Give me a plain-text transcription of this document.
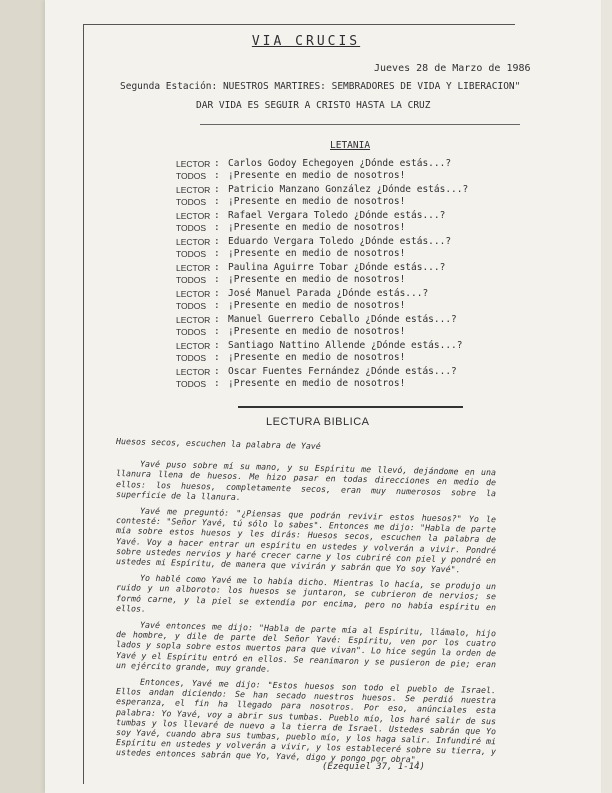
VIA CRUCIS
Jueves 28 de Marzo de 1986
Segunda Estación: NUESTROS MARTIRES: SEMBRADORES DE VIDA Y LIBERACION"
DAR VIDA ES SEGUIR A CRISTO HASTA LA CRUZ
LETANIA
LECTOR : Carlos Godoy Echegoyen ¿Dónde estás...?
TODOS : ¡Presente en medio de nosotros!
LECTOR : Patricio Manzano González ¿Dónde estás...?
TODOS : ¡Presente en medio de nosotros!
LECTOR : Rafael Vergara Toledo ¿Dónde estás...?
TODOS : ¡Presente en medio de nosotros!
LECTOR : Eduardo Vergara Toledo ¿Dónde estás...?
TODOS : ¡Presente en medio de nosotros!
LECTOR : Paulina Aguirre Tobar ¿Dónde estás...?
TODOS : ¡Presente en medio de nosotros!
LECTOR : José Manuel Parada ¿Dónde estás...?
TODOS : ¡Presente en medio de nosotros!
LECTOR : Manuel Guerrero Ceballo ¿Dónde estás...?
TODOS : ¡Presente en medio de nosotros!
LECTOR : Santiago Nattino Allende ¿Dónde estás...?
TODOS : ¡Presente en medio de nosotros!
LECTOR : Oscar Fuentes Fernández ¿Dónde estás...?
TODOS : ¡Presente en medio de nosotros!
LECTURA BIBLICA

Huesos secos, escuchen la palabra de Yavé

Yavé puso sobre mí su mano, y su Espíritu me llevó, dejándome en una llanura llena de huesos. Me hizo pasar en todas direcciones en medio de ellos: los huesos, completamente secos, eran muy numerosos sobre la superficie de la llanura.

Yavé me preguntó: "¿Piensas que podrán revivir estos huesos?" Yo le contesté: "Señor Yavé, tú sólo lo sabes". Entonces me dijo: "Habla de parte mía sobre estos huesos y les dirás: Huesos secos, escuchen la palabra de Yavé. Voy a hacer entrar un espíritu en ustedes y volverán a vivir. Pondré sobre ustedes nervios y haré crecer carne y los cubriré con piel y pondré en ustedes mi Espíritu, de manera que vivirán y sabrán que Yo soy Yavé".

Yo hablé como Yavé me lo había dicho. Mientras lo hacía, se produjo un ruido y un alboroto: los huesos se juntaron, se cubrieron de nervios; se formó carne, y la piel se extendía por encima, pero no había espíritu en ellos.

Yavé entonces me dijo: "Habla de parte mía al Espíritu, llámalo, hijo de hombre, y dile de parte del Señor Yavé: Espíritu, ven por los cuatro lados y sopla sobre estos muertos para que vivan". Lo hice según la orden de Yavé y el Espíritu entró en ellos. Se reanimaron y se pusieron de pie; eran un ejército grande, muy grande.

Entonces, Yavé me dijo: "Estos huesos son todo el pueblo de Israel. Ellos andan diciendo: Se han secado nuestros huesos. Se perdió nuestra esperanza, el fin ha llegado para nosotros. Por eso, anúnciales esta palabra: Yo Yavé, voy a abrir sus tumbas. Pueblo mío, los haré salir de sus tumbas y los llevaré de nuevo a la tierra de Israel. Ustedes sabrán que Yo soy Yavé, cuando abra sus tumbas, pueblo mío, y los haga salir. Infundiré mi Espíritu en ustedes y volverán a vivir, y los estableceré sobre su tierra, y ustedes entonces sabrán que Yo, Yavé, digo y pongo por obra".

(Ezequiel 37, 1-14)
